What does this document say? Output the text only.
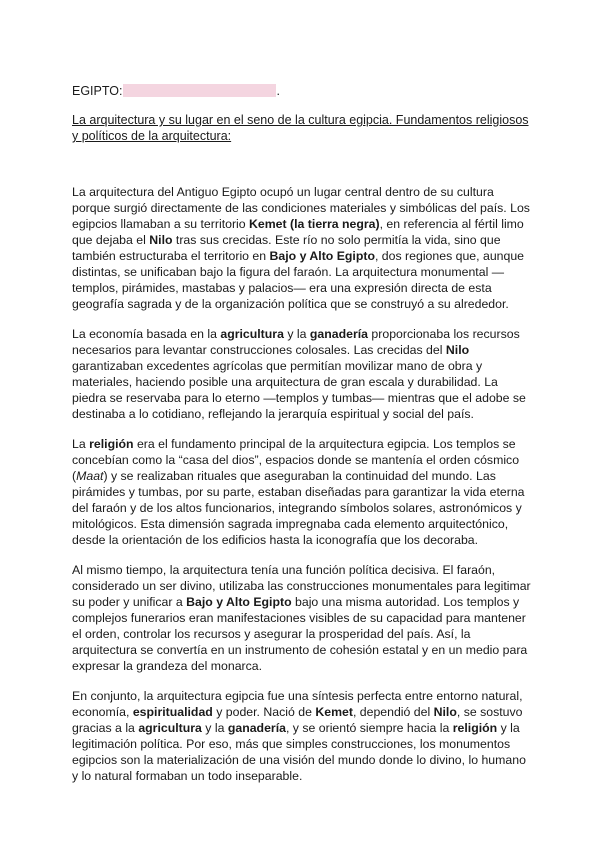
EGIPTO:	.
La arquitectura y su lugar en el seno de la cultura egipcia. Fundamentos religiosos y políticos de la arquitectura:

La arquitectura del Antiguo Egipto ocupó un lugar central dentro de su cultura porque surgió directamente de las condiciones materiales y simbólicas del país. Los egipcios llamaban a su territorio Kemet (la tierra negra), en referencia al fértil limo que dejaba el Nilo tras sus crecidas. Este río no solo permitía la vida, sino que también estructuraba el territorio en Bajo y Alto Egipto, dos regiones que, aunque distintas, se unificaban bajo la figura del faraón. La arquitectura monumental —templos, pirámides, mastabas y palacios— era una expresión directa de esta geografía sagrada y de la organización política que se construyó a su alrededor.

La economía basada en la agricultura y la ganadería proporcionaba los recursos necesarios para levantar construcciones colosales. Las crecidas del Nilo garantizaban excedentes agrícolas que permitían movilizar mano de obra y materiales, haciendo posible una arquitectura de gran escala y durabilidad. La piedra se reservaba para lo eterno —templos y tumbas— mientras que el adobe se destinaba a lo cotidiano, reflejando la jerarquía espiritual y social del país.

La religión era el fundamento principal de la arquitectura egipcia. Los templos se concebían como la “casa del dios”, espacios donde se mantenía el orden cósmico (Maat) y se realizaban rituales que aseguraban la continuidad del mundo. Las pirámides y tumbas, por su parte, estaban diseñadas para garantizar la vida eterna del faraón y de los altos funcionarios, integrando símbolos solares, astronómicos y mitológicos. Esta dimensión sagrada impregnaba cada elemento arquitectónico, desde la orientación de los edificios hasta la iconografía que los decoraba.

Al mismo tiempo, la arquitectura tenía una función política decisiva. El faraón, considerado un ser divino, utilizaba las construcciones monumentales para legitimar su poder y unificar a Bajo y Alto Egipto bajo una misma autoridad. Los templos y complejos funerarios eran manifestaciones visibles de su capacidad para mantener el orden, controlar los recursos y asegurar la prosperidad del país. Así, la arquitectura se convertía en un instrumento de cohesión estatal y en un medio para expresar la grandeza del monarca.

En conjunto, la arquitectura egipcia fue una síntesis perfecta entre entorno natural, economía, espiritualidad y poder. Nació de Kemet, dependió del Nilo, se sostuvo gracias a la agricultura y la ganadería, y se orientó siempre hacia la religión y la legitimación política. Por eso, más que simples construcciones, los monumentos egipcios son la materialización de una visión del mundo donde lo divino, lo humano y lo natural formaban un todo inseparable.
